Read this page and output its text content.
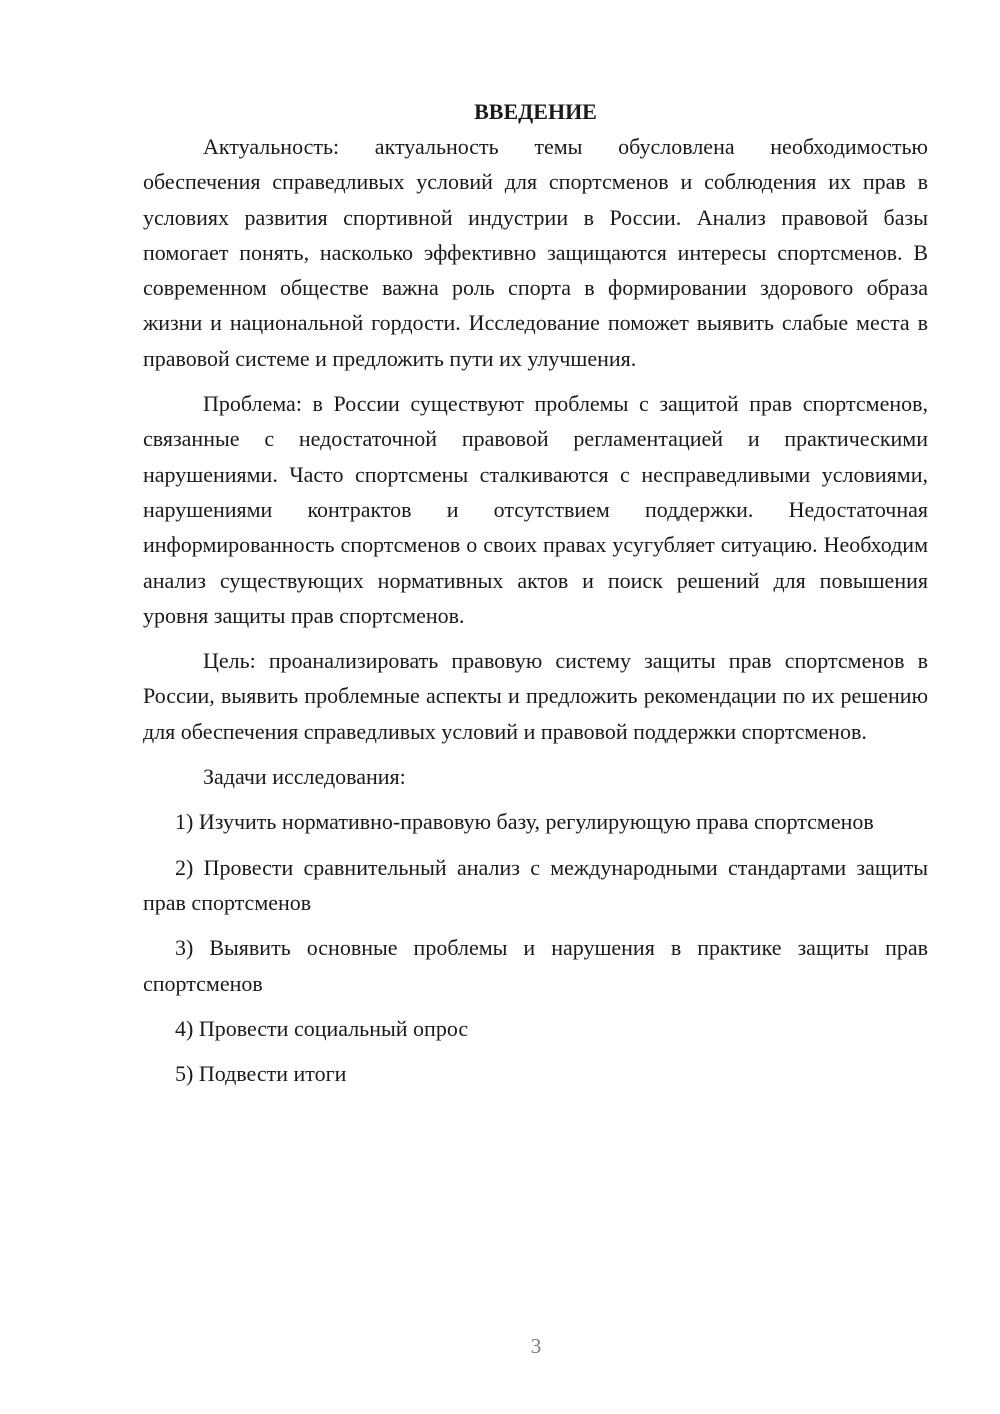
ВВЕДЕНИЕ

Актуальность: актуальность темы обусловлена необходимостью обеспечения справедливых условий для спортсменов и соблюдения их прав в условиях развития спортивной индустрии в России. Анализ правовой базы помогает понять, насколько эффективно защищаются интересы спортсменов. В современном обществе важна роль спорта в формировании здорового образа жизни и национальной гордости. Исследование поможет выявить слабые места в правовой системе и предложить пути их улучшения.

Проблема: в России существуют проблемы с защитой прав спортсменов, связанные с недостаточной правовой регламентацией и практическими нарушениями. Часто спортсмены сталкиваются с несправедливыми условиями, нарушениями контрактов и отсутствием поддержки. Недостаточная информированность спортсменов о своих правах усугубляет ситуацию. Необходим анализ существующих нормативных актов и поиск решений для повышения уровня защиты прав спортсменов.

Цель: проанализировать правовую систему защиты прав спортсменов в России, выявить проблемные аспекты и предложить рекомендации по их решению для обеспечения справедливых условий и правовой поддержки спортсменов.

Задачи исследования:

1) Изучить нормативно-правовую базу, регулирующую права спортсменов

2) Провести сравнительный анализ с международными стандартами защиты прав спортсменов

3) Выявить основные проблемы и нарушения в практике защиты прав спортсменов

4) Провести социальный опрос

5) Подвести итоги

3
